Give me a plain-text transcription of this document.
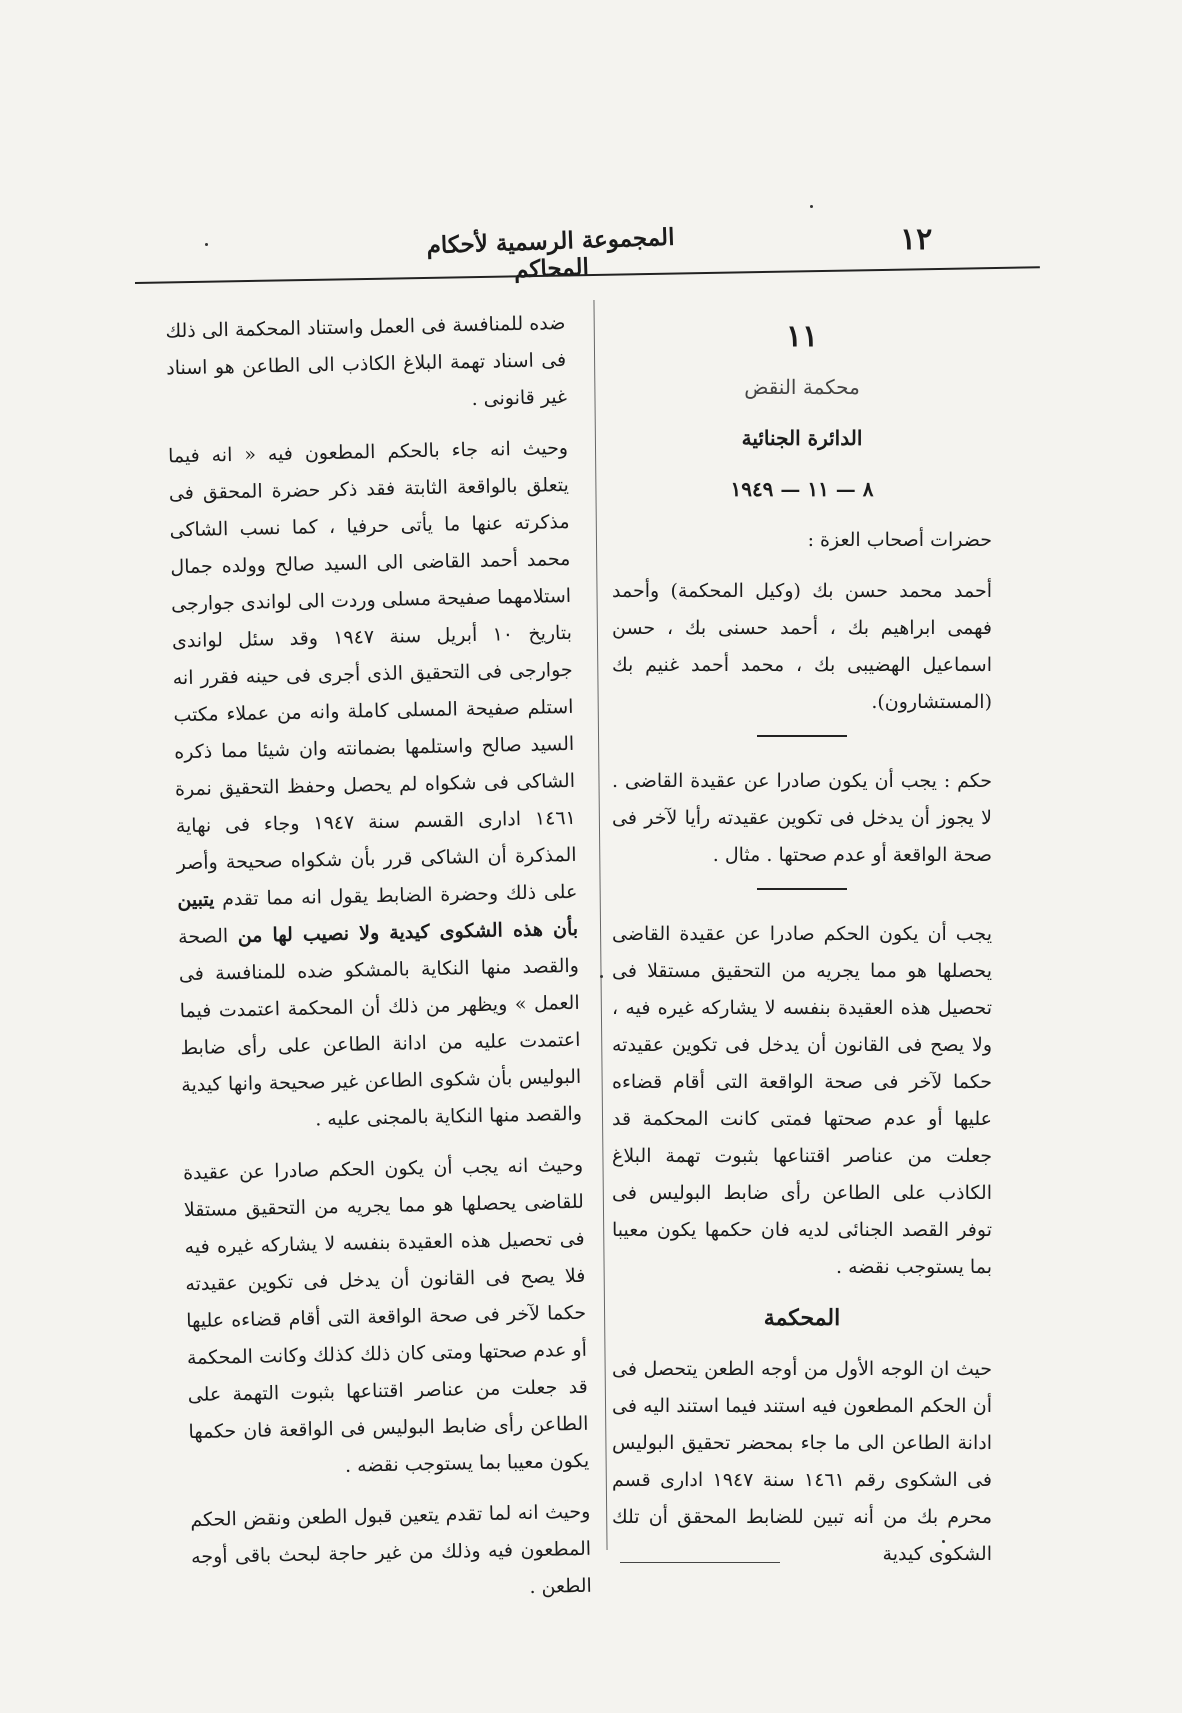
١٢
المجموعة الرسمية لأحكام المحاكم

١١

محكمة النقض

الدائرة الجنائية

٨ — ١١ — ١٩٤٩

حضرات أصحاب العزة :

أحمد محمد حسن بك (وكيل المحكمة) وأحمد فهمى ابراهيم بك ، أحمد حسنى بك ، حسن اسماعيل الهضيبى بك ، محمد أحمد غنيم بك (المستشارون).

حكم : يجب أن يكون صادرا عن عقيدة القاضى . لا يجوز أن يدخل فى تكوين عقيدته رأيا لآخر فى صحة الواقعة أو عدم صحتها . مثال .

يجب أن يكون الحكم صادرا عن عقيدة القاضى يحصلها هو مما يجريه من التحقيق مستقلا فى تحصيل هذه العقيدة بنفسه لا يشاركه غيره فيه ، ولا يصح فى القانون أن يدخل فى تكوين عقيدته حكما لآخر فى صحة الواقعة التى أقام قضاءه عليها أو عدم صحتها فمتى كانت المحكمة قد جعلت من عناصر اقتناعها بثبوت تهمة البلاغ الكاذب على الطاعن رأى ضابط البوليس فى توفر القصد الجنائى لديه فان حكمها يكون معيبا بما يستوجب نقضه .

المحكمة

حيث ان الوجه الأول من أوجه الطعن يتحصل فى أن الحكم المطعون فيه استند فيما استند اليه فى ادانة الطاعن الى ما جاء بمحضر تحقيق البوليس فى الشكوى رقم ١٤٦١ سنة ١٩٤٧ ادارى قسم محرم بك من أنه تبين للضابط المحقق أن تلك الشكوى كيدية

ضده للمنافسة فى العمل واستناد المحكمة الى ذلك فى اسناد تهمة البلاغ الكاذب الى الطاعن هو اسناد غير قانونى .

وحيث انه جاء بالحكم المطعون فيه « انه فيما يتعلق بالواقعة الثابتة فقد ذكر حضرة المحقق فى مذكرته عنها ما يأتى حرفيا ، كما نسب الشاكى محمد أحمد القاضى الى السيد صالح وولده جمال استلامهما صفيحة مسلى وردت الى لواندى جوارجى بتاريخ ١٠ أبريل سنة ١٩٤٧ وقد سئل لواندى جوارجى فى التحقيق الذى أجرى فى حينه فقرر انه استلم صفيحة المسلى كاملة وانه من عملاء مكتب السيد صالح واستلمها بضمانته وان شيئا مما ذكره الشاكى فى شكواه لم يحصل وحفظ التحقيق نمرة ١٤٦١ ادارى القسم سنة ١٩٤٧ وجاء فى نهاية المذكرة أن الشاكى قرر بأن شكواه صحيحة وأصر على ذلك وحضرة الضابط يقول انه مما تقدم يتبين بأن هذه الشكوى كيدية ولا نصيب لها من الصحة والقصد منها النكاية بالمشكو ضده للمنافسة فى العمل » ويظهر من ذلك أن المحكمة اعتمدت فيما اعتمدت عليه من ادانة الطاعن على رأى ضابط البوليس بأن شكوى الطاعن غير صحيحة وانها كيدية والقصد منها النكاية بالمجنى عليه .

وحيث انه يجب أن يكون الحكم صادرا عن عقيدة للقاضى يحصلها هو مما يجريه من التحقيق مستقلا فى تحصيل هذه العقيدة بنفسه لا يشاركه غيره فيه فلا يصح فى القانون أن يدخل فى تكوين عقيدته حكما لآخر فى صحة الواقعة التى أقام قضاءه عليها أو عدم صحتها ومتى كان ذلك كذلك وكانت المحكمة قد جعلت من عناصر اقتناعها بثبوت التهمة على الطاعن رأى ضابط البوليس فى الواقعة فان حكمها يكون معيبا بما يستوجب نقضه .

وحيث انه لما تقدم يتعين قبول الطعن ونقض الحكم المطعون فيه وذلك من غير حاجة لبحث باقى أوجه الطعن .
